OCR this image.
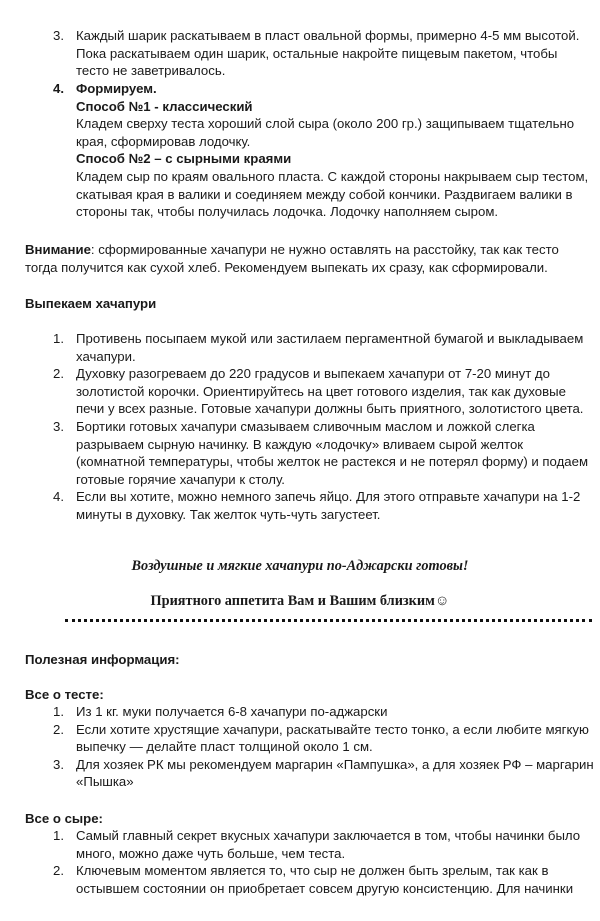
3. Каждый шарик раскатываем в пласт овальной формы, примерно 4-5 мм высотой. Пока раскатываем один шарик, остальные накройте пищевым пакетом, чтобы тесто не заветривалось.
4. Формируем.
Способ №1 - классический
Кладем сверху теста хороший слой сыра (около 200 гр.) защипываем тщательно края, сформировав лодочку.
Способ №2 – с сырными краями
Кладем сыр по краям овального пласта. С каждой стороны накрываем сыр тестом, скатывая края в валики и соединяем между собой кончики. Раздвигаем валики в стороны так, чтобы получилась лодочка. Лодочку наполняем сыром.

Внимание: сформированные хачапури не нужно оставлять на расстойку, так как тесто тогда получится как сухой хлеб. Рекомендуем выпекать их сразу, как сформировали.

Выпекаем хачапури
1. Противень посыпаем мукой или застилаем пергаментной бумагой и выкладываем хачапури.
2. Духовку разогреваем до 220 градусов и выпекаем хачапури от 7-20 минут до золотистой корочки. Ориентируйтесь на цвет готового изделия, так как духовые печи у всех разные. Готовые хачапури должны быть приятного, золотистого цвета.
3. Бортики готовых хачапури смазываем сливочным маслом и ложкой слегка разрываем сырную начинку. В каждую «лодочку» вливаем сырой желток (комнатной температуры, чтобы желток не растекся и не потерял форму) и подаем готовые горячие хачапури к столу.
4. Если вы хотите, можно немного запечь яйцо. Для этого отправьте хачапури на 1-2 минуты в духовку. Так желток чуть-чуть загустеет.
Воздушные и мягкие хачапури по-Аджарски готовы!
Приятного аппетита Вам и Вашим близким☺
Полезная информация:
Все о тесте:
1. Из 1 кг. муки получается 6-8 хачапури по-аджарски
2. Если хотите хрустящие хачапури, раскатывайте тесто тонко, а если любите мягкую выпечку — делайте пласт толщиной около 1 см.
3. Для хозяек РК мы рекомендуем маргарин «Пампушка», а для хозяек РФ – маргарин «Пышка»
Все о сыре:
1. Самый главный секрет вкусных хачапури заключается в том, чтобы начинки было много, можно даже чуть больше, чем теста.
2. Ключевым моментом является то, что сыр не должен быть зрелым, так как в остывшем состоянии он приобретает совсем другую консистенцию. Для начинки
